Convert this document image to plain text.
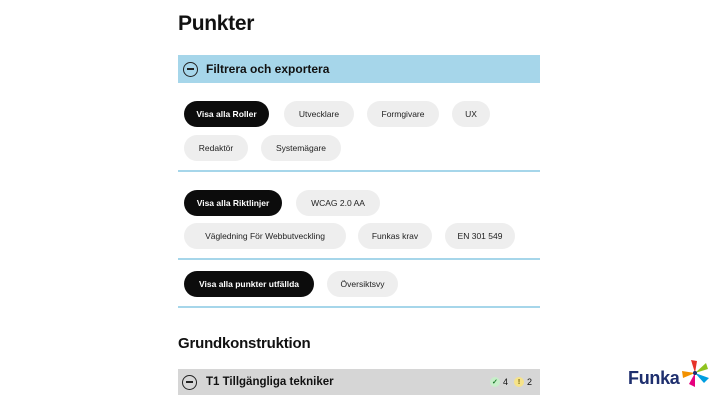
Punkter
Filtrera och exportera
Visa alla Roller	Utvecklare	Formgivare	UX
Redaktör	Systemägare
Visa alla Riktlinjer	WCAG 2.0 AA
Vägledning För Webbutveckling	Funkas krav	EN 301 549
Visa alla punkter utfällda	Översiktsvy
Grundkonstruktion
T1 Tillgängliga tekniker	✓ 4	! 2	Funka
